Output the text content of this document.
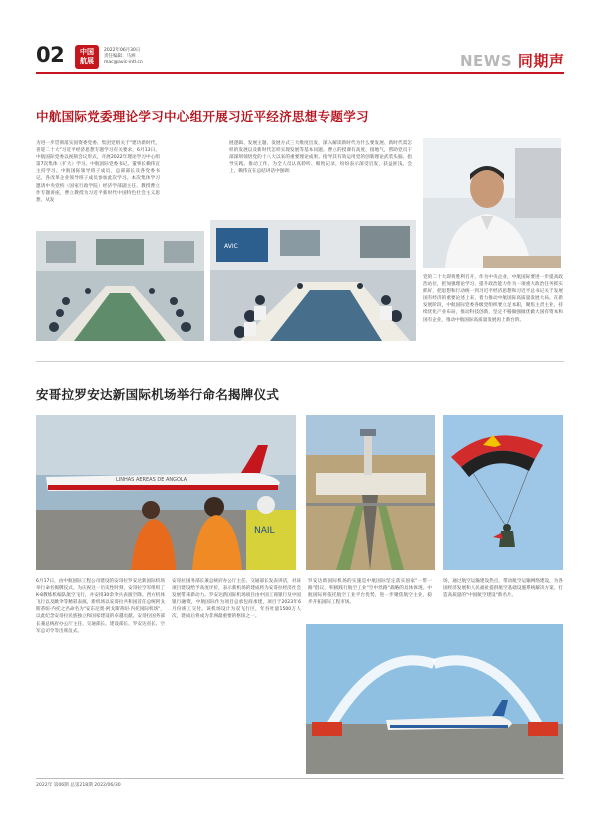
02	中国
航展
2022年06月30日
责任编辑：马洲
mac@avic-intl.cn	NEWS 同期声
中航国际党委理论学习中心组开展习近平经济思想专题学习
为进一步贯彻落实国资委党委、集团党组关于"建功新时代，喜迎二十大"习近平经济思想专题学习有关要求，6月13日，中航国际党委以视频会议形式，开展2022年理论学习中心组第7次集体（扩大）学习。中航国际党委书记、董事长赖伟宣主持学习。中航国际领导班子成员、总部部长及各党委书记、各改革企业领导班子成员参加此次学习。本次集体学习邀请中央党校（国家行政学院）经济学部副主任、教授曹立作专题讲座，曹立教授为习近平新时代中国特色社会主义思想，从发
展逻辑、发展主题、发展方式三大维度出发，深入解读新时代为什么要发展、新时代需怎样的发展以及新时代怎样实现发展等基本问题。曹立的授课有高度、接地气，帮助党员干部深刻领悟党的十八大以来的重要理论成果。指导其有效运用党的创新理论武装头脑、指导实践、推动工作，为全人员认真聆听、细致记录，纷纷表示深受启发，获益匪浅。会上，赖伟宣在总结讲话中强调：
党的二十大即将胜利召开，作为中央企业，中航国际要进一步提高政治站位，把加强理论学习、提升政治能力作为一项重大政治任务抓实抓好，把思想和行动统一到习近平经济思想和习近平总书记关于发展国有经济的重要论述上来，着力推动中航国际高质量发展大局。在新发展阶段，中航国际党委各级党组织要立足本职，聚焦主责主业，持续优化产业布局，推动科技创新，坚定不移做强做优做大国有资本和国有企业，推动中航国际高质量发展再上新台阶。
AVIC
安哥拉罗安达新国际机场举行命名揭牌仪式
LINHAS AEREAS DE ANGOLA
NAIL
6月17日，由中航国际工程公司建设的安哥拉罗安达新国际机场举行命名揭牌仪式。为庆祝这一历史性时刻，安哥拉空军组织了K-8教练机编队航空飞行，并安排30余伞兵表演空降。西方机体飞行以及跳伞等精彩表演。新机场以安哥拉共和国首任总统阿戈斯蒂纽·内托之名命名为"安东尼奥·阿戈斯蒂纽·内托国际机场"，以此纪念安哥拉民族独立和国家建设的卓越贡献。安哥拉国务部长兼总统府办公厅主任、交通部长、建设部长、罗安达省长、空军总司令等出席仪式。
安哥拉国务部长兼总统府办公厅主任、交通部长发表讲话，对该项目建设给予高度评价，表示新机场的建成将为安哥拉经济社会发展带来新动力。罗安达新国际机场项目由中国工商银行及中国银行融资，中航国际作为项目总承包商承建，项目于2023年6月份竣工交付。该机场设计为双飞行区，年吞吐量1500万人次，建成后将成为非洲最重要的枢纽之一。
罗安达新国际机场的实施是中航国际坚定落实国家"一带一路"倡议、积极践行航空工业"空中丝路"战略的具体体现。中航国际将依托航空工业平台优势，进一步聚焦航空主业，稳步开拓国际工程市场。
场，通过航空运输建设热点，带动航空运输网络建设，为各国经济发展和人民福祉提供航空基础设施系统解决方案，打造高质量的"中国航空建设"新名片。
2022年 第06期 总第218期 2022/06/30
